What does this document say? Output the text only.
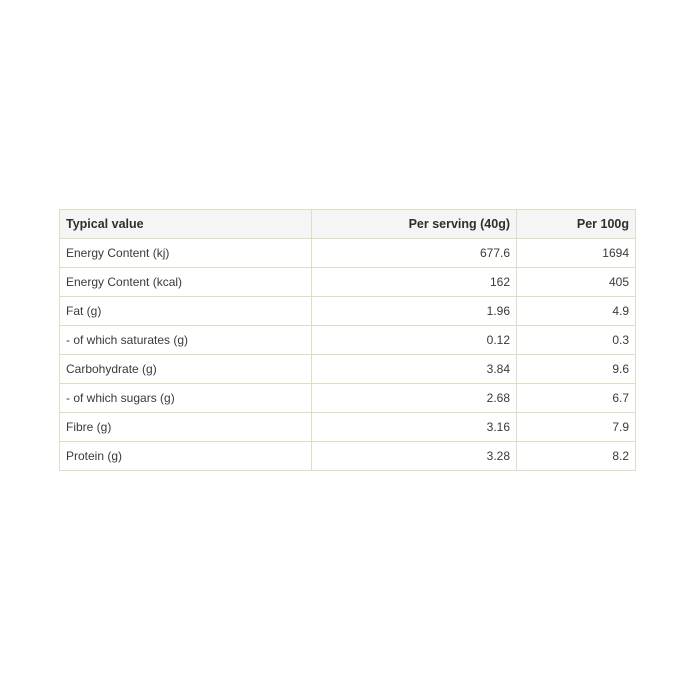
Typical value	Per serving (40g)	Per 100g
Energy Content (kj)	677.6	1694
Energy Content (kcal)	162	405
Fat (g)	1.96	4.9
- of which saturates (g)	0.12	0.3
Carbohydrate (g)	3.84	9.6
- of which sugars (g)	2.68	6.7
Fibre (g)	3.16	7.9
Protein (g)	3.28	8.2
